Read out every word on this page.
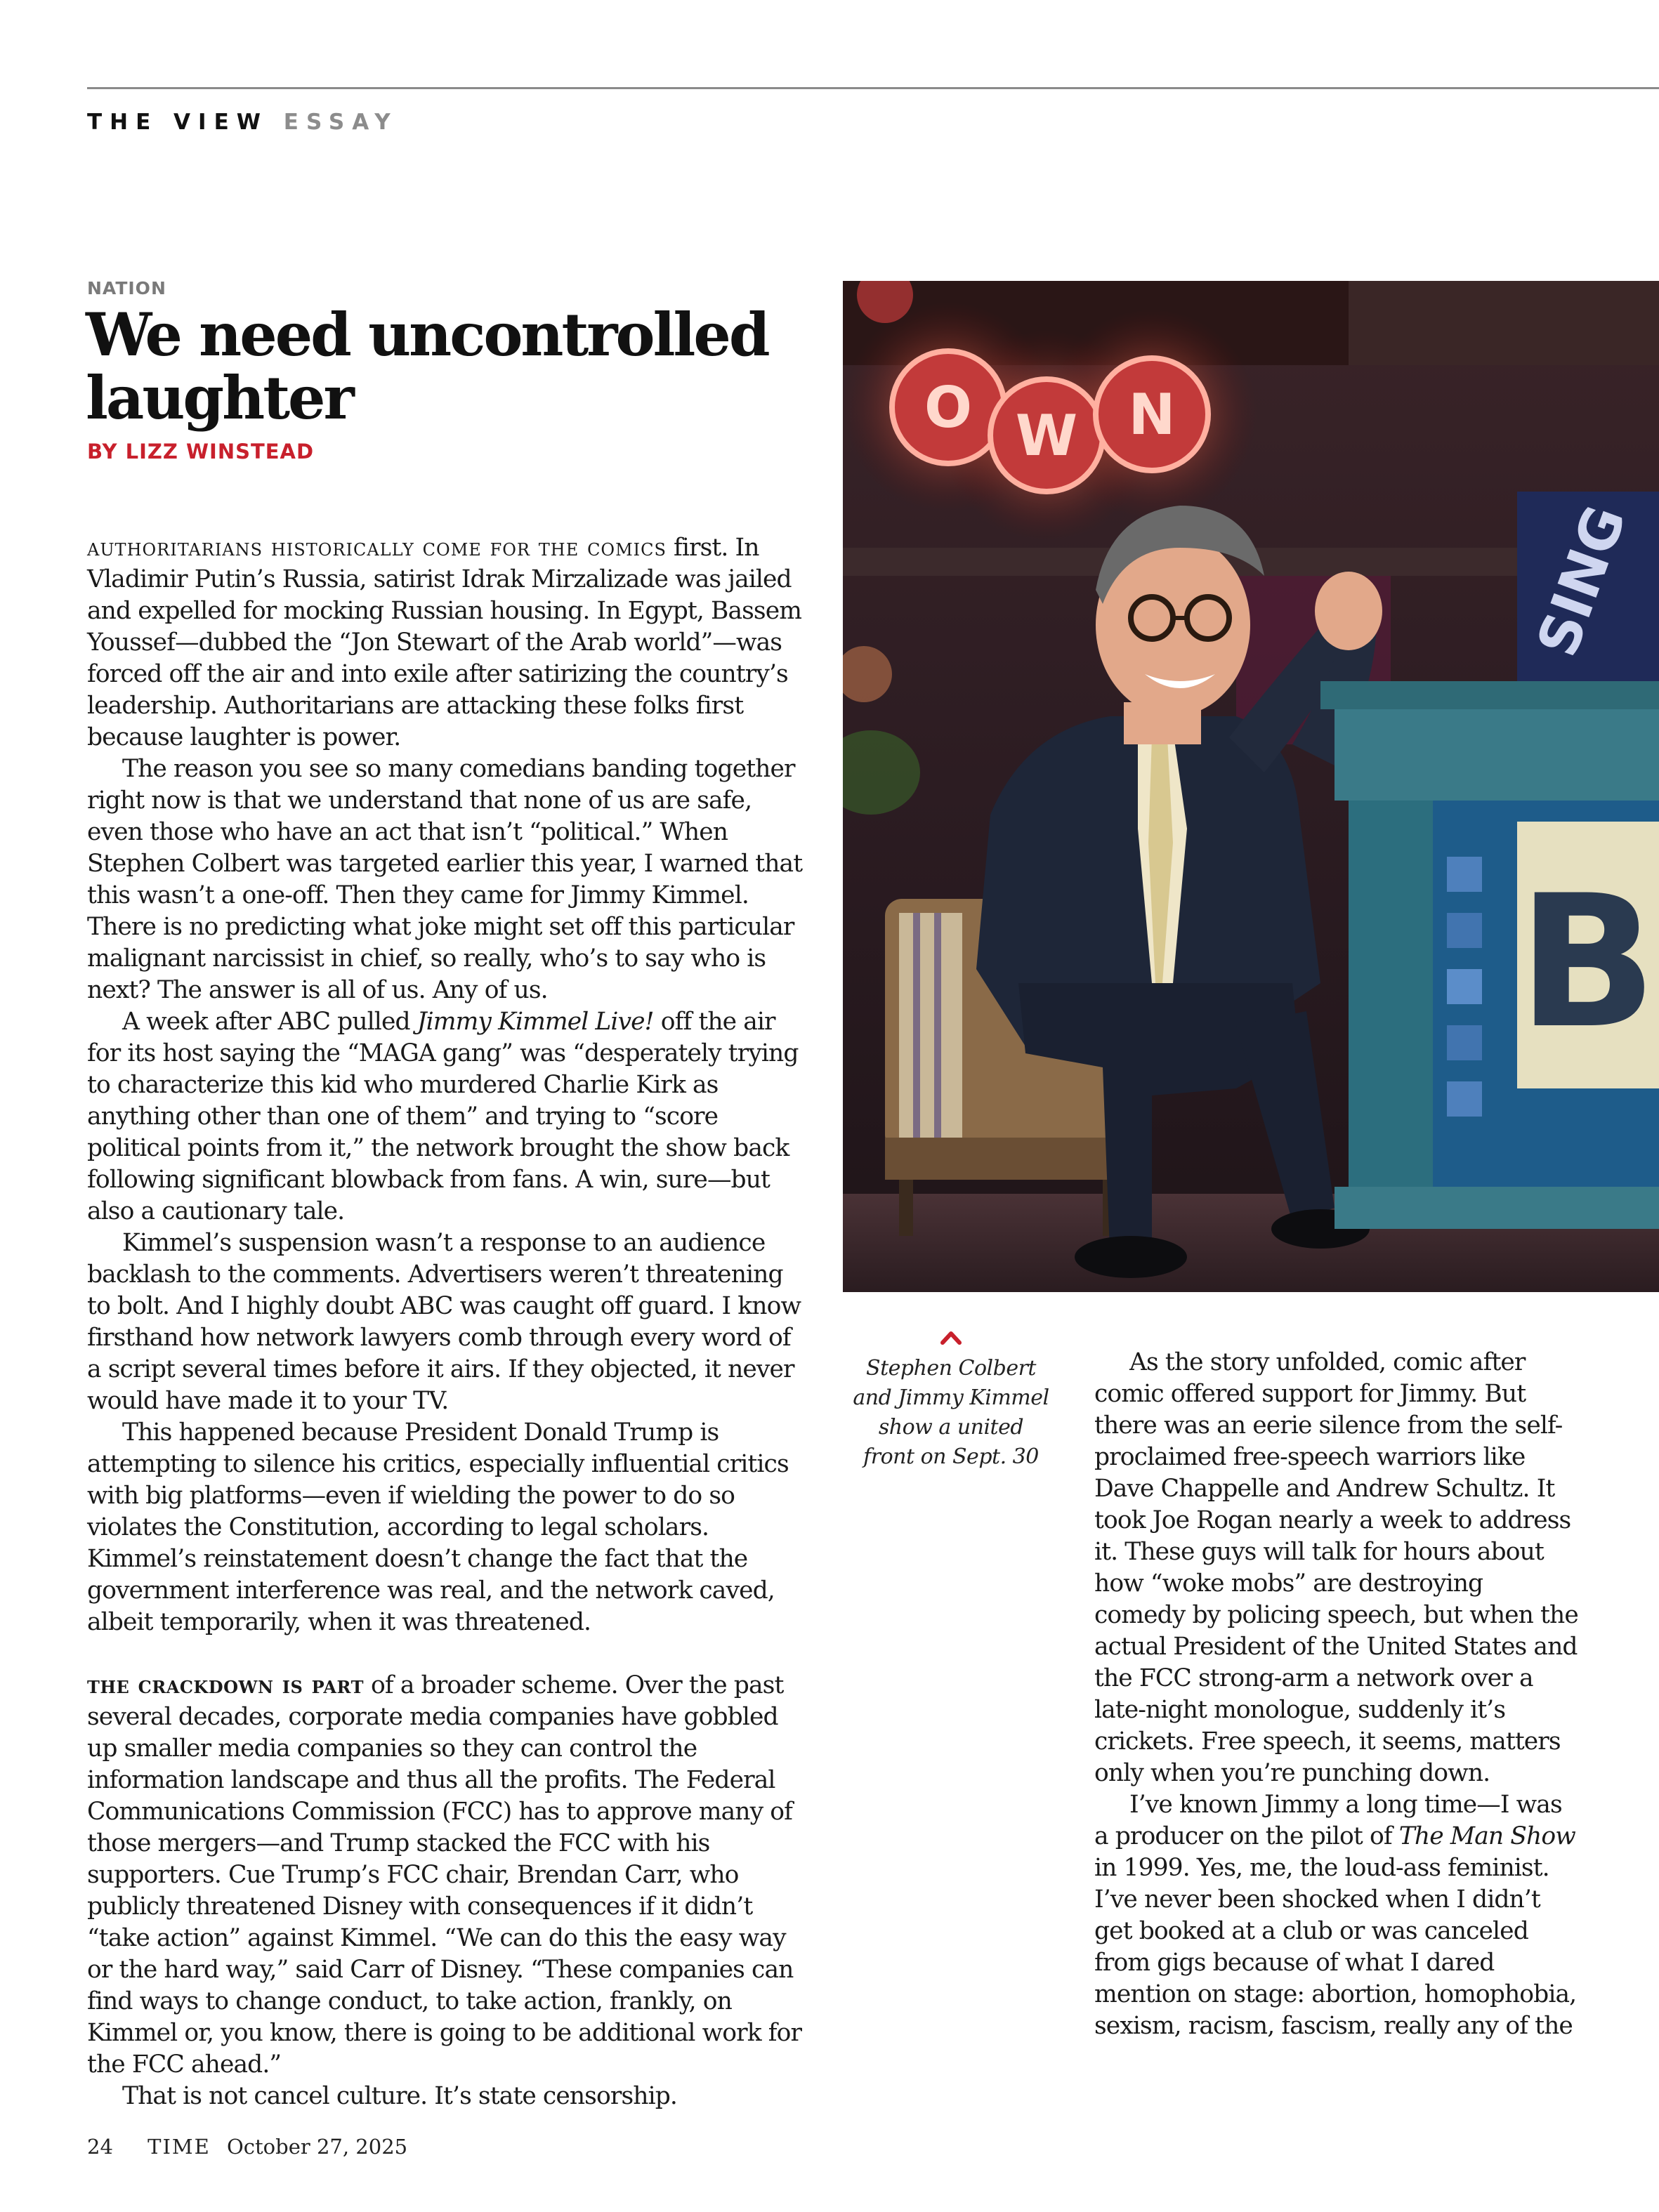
THE VIEW ESSAY
NATION
We need uncontrolled laughter
BY LIZZ WINSTEAD

authoritarians historically come for the comics first. In Vladimir Putin’s Russia, satirist Idrak Mirzalizade was jailed and expelled for mocking Russian housing. In Egypt, Bassem Youssef—dubbed the “Jon Stewart of the Arab world”—was forced off the air and into exile after satirizing the country’s leadership. Authoritarians are attacking these folks first because laughter is power.

The reason you see so many comedians banding together right now is that we understand that none of us are safe, even those who have an act that isn’t “political.” When Stephen Colbert was targeted earlier this year, I warned that this wasn’t a one-off. Then they came for Jimmy Kimmel. There is no predicting what joke might set off this particular malignant narcissist in chief, so really, who’s to say who is next? The answer is all of us. Any of us.

A week after ABC pulled Jimmy Kimmel Live! off the air for its host saying the “MAGA gang” was “desperately trying to characterize this kid who murdered Charlie Kirk as anything other than one of them” and trying to “score political points from it,” the network brought the show back following significant blowback from fans. A win, sure—but also a cautionary tale.

Kimmel’s suspension wasn’t a response to an audience backlash to the comments. Advertisers weren’t threatening to bolt. And I highly doubt ABC was caught off guard. I know firsthand how network lawyers comb through every word of a script several times before it airs. If they objected, it never would have made it to your TV.

This happened because President Donald Trump is attempting to silence his critics, especially influential critics with big platforms—even if wielding the power to do so violates the Constitution, according to legal scholars. Kimmel’s reinstatement doesn’t change the fact that the government interference was real, and the network caved, albeit temporarily, when it was threatened.

the crackdown is part of a broader scheme. Over the past several decades, corporate media companies have gobbled up smaller media companies so they can control the information landscape and thus all the profits. The Federal Communications Commission (FCC) has to approve many of those mergers—and Trump stacked the FCC with his supporters. Cue Trump’s FCC chair, Brendan Carr, who publicly threatened Disney with consequences if it didn’t “take action” against Kimmel. “We can do this the easy way or the hard way,” said Carr of Disney. “These companies can find ways to change conduct, to take action, frankly, on Kimmel or, you know, there is going to be additional work for the FCC ahead.”

That is not cancel culture. It’s state censorship.

SING
O W N
B
Stephen Colbert and Jimmy Kimmel show a united front on Sept. 30

As the story unfolded, comic after comic offered support for Jimmy. But there was an eerie silence from the self-proclaimed free-speech warriors like Dave Chappelle and Andrew Schultz. It took Joe Rogan nearly a week to address it. These guys will talk for hours about how “woke mobs” are destroying comedy by policing speech, but when the actual President of the United States and the FCC strong-arm a network over a late-night monologue, suddenly it’s crickets. Free speech, it seems, matters only when you’re punching down.

I’ve known Jimmy a long time—I was a producer on the pilot of The Man Show in 1999. Yes, me, the loud-ass feminist. I’ve never been shocked when I didn’t get booked at a club or was canceled from gigs because of what I dared mention on stage: abortion, homophobia, sexism, racism, fascism, really any of the

24 TIME October 27, 2025
